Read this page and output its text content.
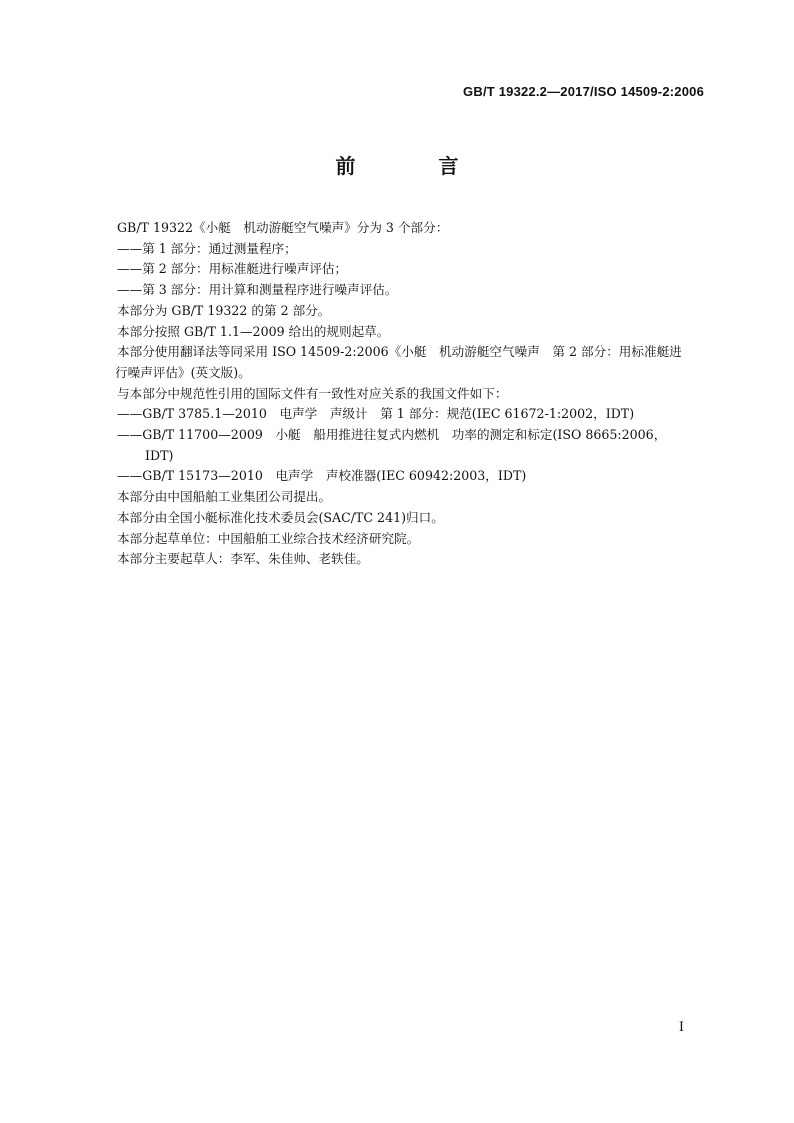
GB/T 19322.2—2017/ISO 14509-2:2006
前 言

GB/T 19322《小艇　机动游艇空气噪声》分为 3 个部分：

——第 1 部分：通过测量程序；

——第 2 部分：用标准艇进行噪声评估；

——第 3 部分：用计算和测量程序进行噪声评估。

本部分为 GB/T 19322 的第 2 部分。

本部分按照 GB/T 1.1—2009 给出的规则起草。

本部分使用翻译法等同采用 ISO 14509-2:2006《小艇　机动游艇空气噪声　第 2 部分：用标准艇进
行噪声评估》(英文版)。

与本部分中规范性引用的国际文件有一致性对应关系的我国文件如下：

——GB/T 3785.1—2010　电声学　声级计　第 1 部分：规范(IEC 61672-1:2002，IDT)

——GB/T 11700—2009　小艇　船用推进往复式内燃机　功率的测定和标定(ISO 8665:2006，
IDT)

——GB/T 15173—2010　电声学　声校准器(IEC 60942:2003，IDT)

本部分由中国船舶工业集团公司提出。

本部分由全国小艇标准化技术委员会(SAC/TC 241)归口。

本部分起草单位：中国船舶工业综合技术经济研究院。

本部分主要起草人：李军、朱佳帅、老轶佳。

I
